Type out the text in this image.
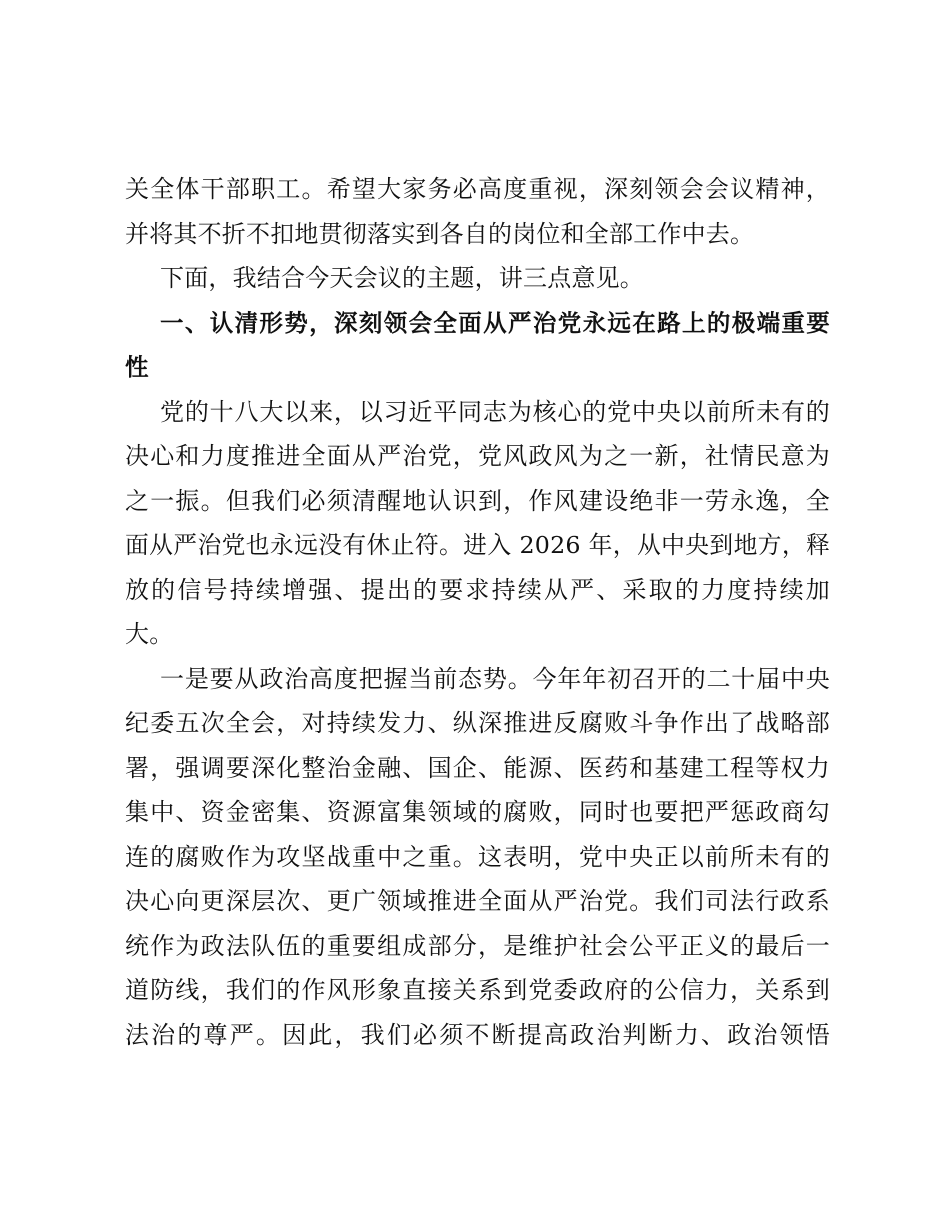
关全体干部职工。希望大家务必高度重视，深刻领会会议精神，
并将其不折不扣地贯彻落实到各自的岗位和全部工作中去。
下面，我结合今天会议的主题，讲三点意见。
一、认清形势，深刻领会全面从严治党永远在路上的极端重要
性
党的十八大以来，以习近平同志为核心的党中央以前所未有的
决心和力度推进全面从严治党，党风政风为之一新，社情民意为
之一振。但我们必须清醒地认识到，作风建设绝非一劳永逸，全
面从严治党也永远没有休止符。进入 2026 年，从中央到地方，释
放的信号持续增强、提出的要求持续从严、采取的力度持续加
大。
一是要从政治高度把握当前态势。今年年初召开的二十届中央
纪委五次全会，对持续发力、纵深推进反腐败斗争作出了战略部
署，强调要深化整治金融、国企、能源、医药和基建工程等权力
集中、资金密集、资源富集领域的腐败，同时也要把严惩政商勾
连的腐败作为攻坚战重中之重。这表明，党中央正以前所未有的
决心向更深层次、更广领域推进全面从严治党。我们司法行政系
统作为政法队伍的重要组成部分，是维护社会公平正义的最后一
道防线，我们的作风形象直接关系到党委政府的公信力，关系到
法治的尊严。因此，我们必须不断提高政治判断力、政治领悟
